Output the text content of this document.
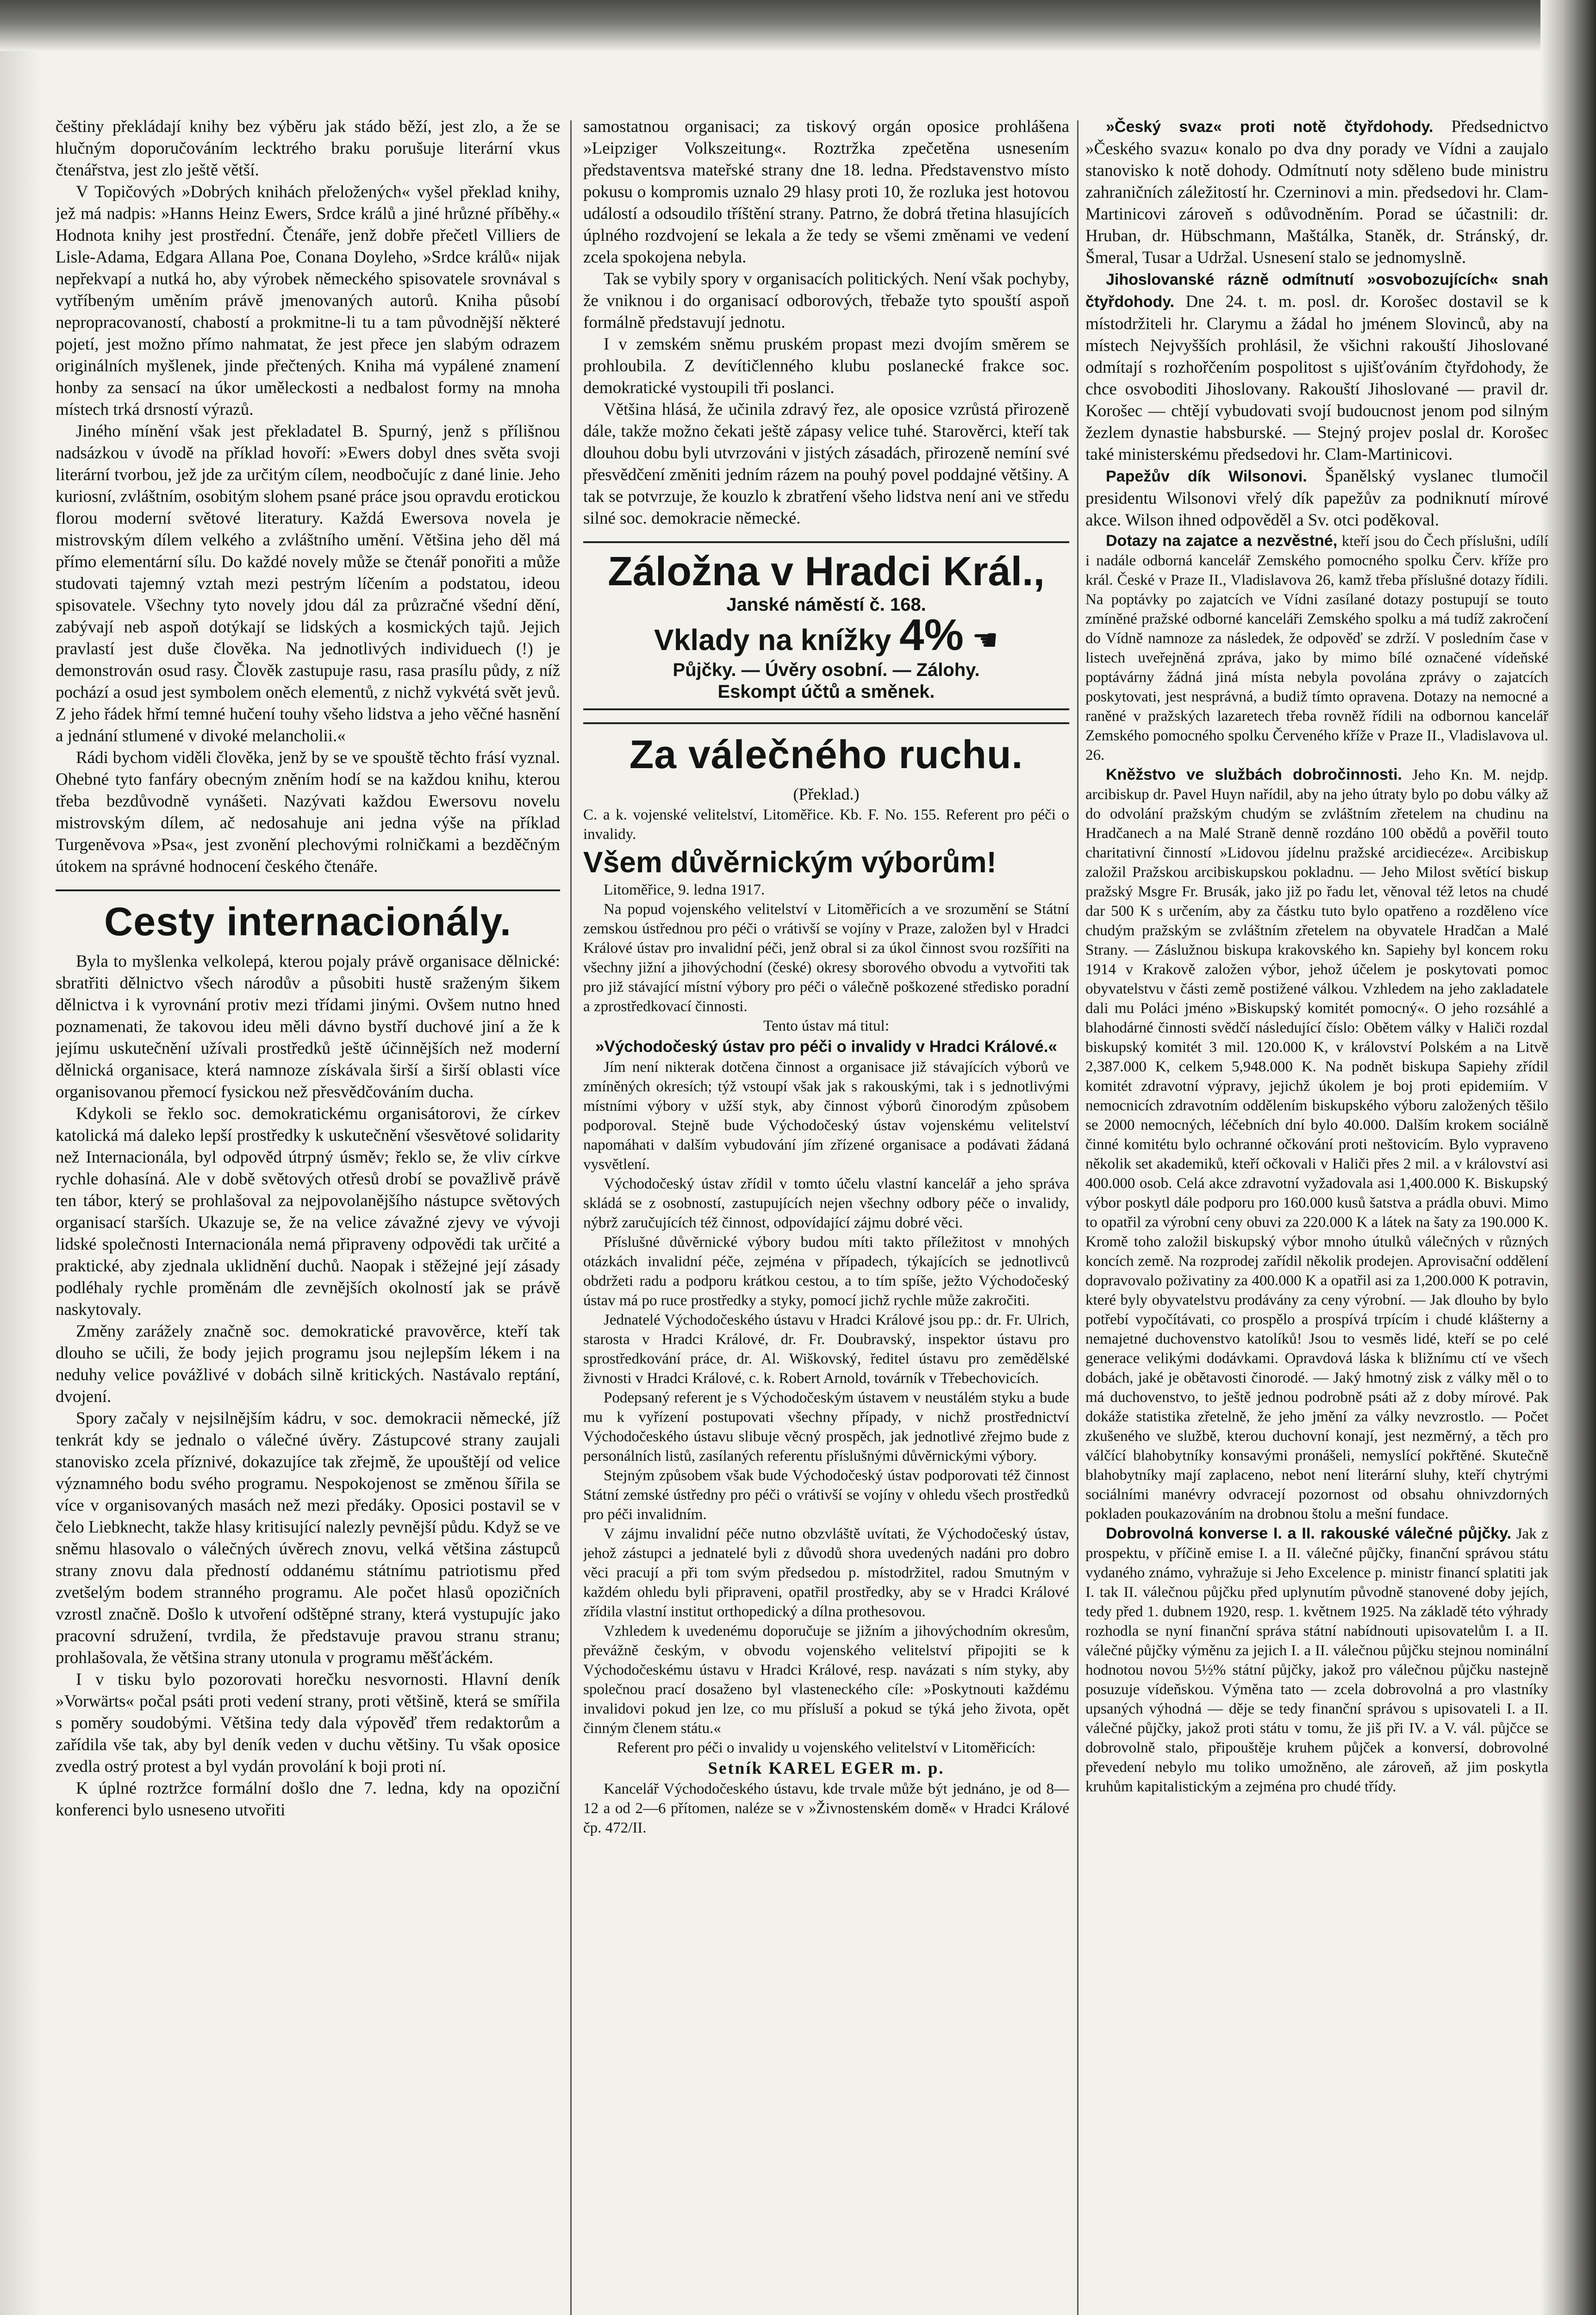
češtiny překládají knihy bez výběru jak stádo běží, jest zlo, a že se hlučným doporučováním lecktrého braku porušuje literární vkus čtenářstva, jest zlo ještě větší.

V Topičových »Dobrých knihách přeložených« vyšel překlad knihy, jež má nadpis: »Hanns Heinz Ewers, Srdce králů a jiné hrůzné příběhy.« Hodnota knihy jest prostřední. Čtenáře, jenž dobře přečetl Villiers de Lisle-Adama, Edgara Allana Poe, Conana Doyleho, »Srdce králů« nijak nepřekvapí a nutká ho, aby výrobek německého spisovatele srovnával s vytříbeným uměním právě jmenovaných autorů. Kniha působí nepropracovaností, chabostí a prokmitne-li tu a tam původnější některé pojetí, jest možno přímo nahmatat, že jest přece jen slabým odrazem originálních myšlenek, jinde přečtených. Kniha má vypálené znamení honby za sensací na úkor uměleckosti a nedbalost formy na mnoha místech trká drsností výrazů.

Jiného mínění však jest překladatel B. Spurný, jenž s přílišnou nadsázkou v úvodě na příklad hovoří: »Ewers dobyl dnes světa svoji literární tvorbou, jež jde za určitým cílem, neodbočujíc z dané linie. Jeho kuriosní, zvláštním, osobitým slohem psané práce jsou opravdu erotickou florou moderní světové literatury. Každá Ewersova novela je mistrovským dílem velkého a zvláštního umění. Většina jeho děl má přímo elementární sílu. Do každé novely může se čtenář ponořiti a může studovati tajemný vztah mezi pestrým líčením a podstatou, ideou spisovatele. Všechny tyto novely jdou dál za průzračné všední dění, zabývají neb aspoň dotýkají se lidských a kosmických tajů. Jejich pravlastí jest duše člověka. Na jednotlivých individuech (!) je demonstrován osud rasy. Člověk zastupuje rasu, rasa prasílu půdy, z níž pochází a osud jest symbolem oněch elementů, z nichž vykvétá svět jevů. Z jeho řádek hřmí temné hučení touhy všeho lidstva a jeho věčné hasnění a jednání stlumené v divoké melancholii.«

Rádi bychom viděli člověka, jenž by se ve spouště těchto frásí vyznal. Ohebné tyto fanfáry obecným zněním hodí se na každou knihu, kterou třeba bezdůvodně vynášeti. Nazývati každou Ewersovu novelu mistrovským dílem, ač nedosahuje ani jedna výše na příklad Turgeněvova »Psa«, jest zvonění plechovými rolničkami a bezděčným útokem na správné hodnocení českého čtenáře.

Cesty internacionály.

Byla to myšlenka velkolepá, kterou pojaly právě organisace dělnické: sbratřiti dělnictvo všech národův a působiti hustě sraženým šikem dělnictva i k vyrovnání protiv mezi třídami jinými. Ovšem nutno hned poznamenati, že takovou ideu měli dávno bystří duchové jiní a že k jejímu uskutečnění užívali prostředků ještě účinnějších než moderní dělnická organisace, která namnoze získávala širší a širší oblasti více organisovanou přemocí fysickou než přesvědčováním ducha.

Kdykoli se řeklo soc. demokratickému organisátorovi, že církev katolická má daleko lepší prostředky k uskutečnění všesvětové solidarity než Internacionála, byl odpověd útrpný úsměv; řeklo se, že vliv církve rychle dohasíná. Ale v době světových otřesů drobí se považlivě právě ten tábor, který se prohlašoval za nejpovolanějšího nástupce světových organisací starších. Ukazuje se, že na velice závažné zjevy ve vývoji lidské společnosti Internacionála nemá připraveny odpovědi tak určité a praktické, aby zjednala uklidnění duchů. Naopak i stěžejné její zásady podléhaly rychle proměnám dle zevnějších okolností jak se právě naskytovaly.

Změny zarážely značně soc. demokratické pravověrce, kteří tak dlouho se učili, že body jejich programu jsou nejlepším lékem i na neduhy velice povážlivé v dobách silně kritických. Nastávalo reptání, dvojení.

Spory začaly v nejsilnějším kádru, v soc. demokracii německé, jíž tenkrát kdy se jednalo o válečné úvěry. Zástupcové strany zaujali stanovisko zcela příznivé, dokazujíce tak zřejmě, že upouštějí od velice významného bodu svého programu. Nespokojenost se změnou šířila se více v organisovaných masách než mezi předáky. Oposici postavil se v čelo Liebknecht, takže hlasy kritisující nalezly pevnější půdu. Když se ve sněmu hlasovalo o válečných úvěrech znovu, velká většina zástupců strany znovu dala předností oddanému státnímu patriotismu před zvetšelým bodem stranného programu. Ale počet hlasů opozičních vzrostl značně. Došlo k utvoření odštěpné strany, která vystupujíc jako pracovní sdružení, tvrdila, že představuje pravou stranu stranu; prohlašovala, že většina strany utonula v programu měšťáckém.

I v tisku bylo pozorovati horečku nesvornosti. Hlavní deník »Vorwärts« počal psáti proti vedení strany, proti většině, která se smířila s poměry soudobými. Většina tedy dala výpověď třem redaktorům a zařídila vše tak, aby byl deník veden v duchu většiny. Tu však oposice zvedla ostrý protest a byl vydán provolání k boji proti ní.

K úplné roztržce formální došlo dne 7. ledna, kdy na opoziční konferenci bylo usneseno utvořiti

samostatnou organisaci; za tiskový orgán oposice prohlášena »Leipziger Volkszeitung«. Roztržka zpečetěna usnesením představentsva mateřské strany dne 18. ledna. Představenstvo místo pokusu o kompromis uznalo 29 hlasy proti 10, že rozluka jest hotovou událostí a odsoudilo tříštění strany. Patrno, že dobrá třetina hlasujících úplného rozdvojení se lekala a že tedy se všemi změnami ve vedení zcela spokojena nebyla.

Tak se vybily spory v organisacích politických. Není však pochyby, že vniknou i do organisací odborových, třebaže tyto spouští aspoň formálně představují jednotu.

I v zemském sněmu pruském propast mezi dvojím směrem se prohloubila. Z devítičlenného klubu poslanecké frakce soc. demokratické vystoupili tři poslanci.

Většina hlásá, že učinila zdravý řez, ale oposice vzrůstá přirozeně dále, takže možno čekati ještě zápasy velice tuhé. Starověrci, kteří tak dlouhou dobu byli utvrzováni v jistých zásadách, přirozeně nemíní své přesvědčení změniti jedním rázem na pouhý povel poddajné většiny. A tak se potvrzuje, že kouzlo k zbratření všeho lidstva není ani ve středu silné soc. demokracie německé.

Záložna v Hradci Král.,
Janské náměstí č. 168.
Vklady na knížky 4% ☚
Půjčky. — Úvěry osobní. — Zálohy.
Eskompt účtů a směnek.
Za válečného ruchu.
(Překlad.)

C. a k. vojenské velitelství, Litoměřice. Kb. F. No. 155. Referent pro péči o invalidy.

Všem důvěrnickým výborům!

Litoměřice, 9. ledna 1917.

Na popud vojenského velitelství v Litoměřicích a ve srozumění se Státní zemskou ústřednou pro péči o vrátivší se vojíny v Praze, založen byl v Hradci Králové ústav pro invalidní péči, jenž obral si za úkol činnost svou rozšířiti na všechny jižní a jihovýchodní (české) okresy sborového obvodu a vytvořiti tak pro již stávající místní výbory pro péči o válečně poškozené středisko poradní a zprostředkovací činnosti.

Tento ústav má titul:

»Východočeský ústav pro péči o invalidy v Hradci Králové.«

Jím není nikterak dotčena činnost a organisace již stávajících výborů ve zmíněných okresích; týž vstoupí však jak s rakouskými, tak i s jednotlivými místními výbory v užší styk, aby činnost výborů činorodým způsobem podporoval. Stejně bude Východočeský ústav vojenskému velitelství napomáhati v dalším vybudování jím zřízené organisace a podávati žádaná vysvětlení.

Východočeský ústav zřídil v tomto účelu vlastní kancelář a jeho správa skládá se z osobností, zastupujících nejen všechny odbory péče o invalidy, nýbrž zaručujících též činnost, odpovídající zájmu dobré věci.

Příslušné důvěrnické výbory budou míti takto příležitost v mnohých otázkách invalidní péče, zejména v případech, týkajících se jednotlivců obdržeti radu a podporu krátkou cestou, a to tím spíše, ježto Východočeský ústav má po ruce prostředky a styky, pomocí jichž rychle může zakročiti.

Jednatelé Východočeského ústavu v Hradci Králové jsou pp.: dr. Fr. Ulrich, starosta v Hradci Králové, dr. Fr. Doubravský, inspektor ústavu pro sprostředkování práce, dr. Al. Wiškovský, ředitel ústavu pro zemědělské živnosti v Hradci Králové, c. k. Robert Arnold, továrník v Třebechovicích.

Podepsaný referent je s Východočeským ústavem v neustálém styku a bude mu k vyřízení postupovati všechny případy, v nichž prostřednictví Východočeského ústavu slibuje věcný prospěch, jak jednotlivé zřejmo bude z personálních listů, zasílaných referentu příslušnými důvěrnickými výbory.

Stejným způsobem však bude Východočeský ústav podporovati též činnost Státní zemské ústředny pro péči o vrátivší se vojíny v ohledu všech prostředků pro péči invalidním.

V zájmu invalidní péče nutno obzvláště uvítati, že Východočeský ústav, jehož zástupci a jednatelé byli z důvodů shora uvedených nadáni pro dobro věci pracují a při tom svým předsedou p. místodržitel, radou Smutným v každém ohledu byli připraveni, opatřil prostředky, aby se v Hradci Králové zřídila vlastní institut orthopedický a dílna prothesovou.

Vzhledem k uvedenému doporučuje se jižním a jihovýchodním okresům, převážně českým, v obvodu vojenského velitelství připojiti se k Východočeskému ústavu v Hradci Králové, resp. navázati s ním styky, aby společnou prací dosaženo byl vlasteneckého cíle: »Poskytnouti každému invalidovi pokud jen lze, co mu přísluší a pokud se týká jeho života, opět činným členem státu.«

Referent pro péči o invalidy u vojenského velitelství v Litoměřicích:

Setník KAREL EGER m. p.

Kancelář Východočeského ústavu, kde trvale může být jednáno, je od 8—12 a od 2—6 přítomen, naléze se v »Živnostenském domě« v Hradci Králové čp. 472/II.

»Český svaz« proti notě čtyřdohody. Předsednictvo »Českého svazu« konalo po dva dny porady ve Vídni a zaujalo stanovisko k notě dohody. Odmítnutí noty sděleno bude ministru zahraničních záležitostí hr. Czerninovi a min. předsedovi hr. Clam-Martinicovi zároveň s odůvodněním. Porad se účastnili: dr. Hruban, dr. Hübschmann, Maštálka, Staněk, dr. Stránský, dr. Šmeral, Tusar a Udržal. Usnesení stalo se jednomyslně.

Jihoslovanské rázně odmítnutí »osvobozujících« snah čtyřdohody. Dne 24. t. m. posl. dr. Korošec dostavil se k místodržiteli hr. Clarymu a žádal ho jménem Slovinců, aby na místech Nejvyšších prohlásil, že všichni rakouští Jihoslované odmítají s rozhořčením pospolitost s ujišťováním čtyřdohody, že chce osvoboditi Jihoslovany. Rakouští Jihoslované — pravil dr. Korošec — chtějí vybudovati svojí budoucnost jenom pod silným žezlem dynastie habsburské. — Stejný projev poslal dr. Korošec také ministerskému předsedovi hr. Clam-Martinicovi.

Papežův dík Wilsonovi. Španělský vyslanec tlumočil presidentu Wilsonovi vřelý dík papežův za podniknutí mírové akce. Wilson ihned odpověděl a Sv. otci poděkoval.

Dotazy na zajatce a nezvěstné, kteří jsou do Čech příslušni, udílí i nadále odborná kancelář Zemského pomocného spolku Červ. kříže pro král. České v Praze II., Vladislavova 26, kamž třeba příslušné dotazy řídili. Na poptávky po zajatcích ve Vídni zasílané dotazy postupují se touto zmíněné pražské odborné kanceláři Zemského spolku a má tudíž zakročení do Vídně namnoze za následek, že odpověď se zdrží. V posledním čase v listech uveřejněná zpráva, jako by mimo bílé označené vídeňské poptávárny žádná jiná místa nebyla povolána zprávy o zajatcích poskytovati, jest nesprávná, a budiž tímto opravena. Dotazy na nemocné a raněné v pražských lazaretech třeba rovněž řídili na odbornou kancelář Zemského pomocného spolku Červeného kříže v Praze II., Vladislavova ul. 26.

Kněžstvo ve službách dobročinnosti. Jeho Kn. M. nejdp. arcibiskup dr. Pavel Huyn nařídil, aby na jeho útraty bylo po dobu války až do odvolání pražským chudým se zvláštním zřetelem na chudinu na Hradčanech a na Malé Straně denně rozdáno 100 obědů a pověřil touto charitativní činností »Lidovou jídelnu pražské arcidiecéze«. Arcibiskup založil Pražskou arcibiskupskou pokladnu. — Jeho Milost světící biskup pražský Msgre Fr. Brusák, jako již po řadu let, věnoval též letos na chudé dar 500 K s určením, aby za částku tuto bylo opatřeno a rozděleno více chudým pražským se zvláštním zřetelem na obyvatele Hradčan a Malé Strany. — Záslužnou biskupa krakovského kn. Sapiehy byl koncem roku 1914 v Krakově založen výbor, jehož účelem je poskytovati pomoc obyvatelstvu v části země postižené válkou. Vzhledem na jeho zakladatele dali mu Poláci jméno »Biskupský komitét pomocný«. O jeho rozsáhlé a blahodárné činnosti svědčí následující číslo: Obětem války v Haliči rozdal biskupský komitét 3 mil. 120.000 K, v království Polském a na Litvě 2,387.000 K, celkem 5,948.000 K. Na podnět biskupa Sapiehy zřídil komitét zdravotní výpravy, jejichž úkolem je boj proti epidemiím. V nemocnicích zdravotním oddělením biskupského výboru založených těšilo se 2000 nemocných, léčebních dní bylo 40.000. Dalším krokem sociálně činné komitétu bylo ochranné očkování proti neštovicím. Bylo vypraveno několik set akademiků, kteří očkovali v Haliči přes 2 mil. a v království asi 400.000 osob. Celá akce zdravotní vyžadovala asi 1,400.000 K. Biskupský výbor poskytl dále podporu pro 160.000 kusů šatstva a prádla obuvi. Mimo to opatřil za výrobní ceny obuvi za 220.000 K a látek na šaty za 190.000 K. Kromě toho založil biskupský výbor mnoho útulků válečných v různých koncích země. Na rozprodej zařídil několik prodejen. Aprovisační oddělení dopravovalo poživatiny za 400.000 K a opatřil asi za 1,200.000 K potravin, které byly obyvatelstvu prodávány za ceny výrobní. — Jak dlouho by bylo potřebí vypočítávati, co prospělo a prospívá trpícím i chudé klášterny a nemajetné duchovenstvo katolíků! Jsou to vesměs lidé, kteří se po celé generace velikými dodávkami. Opravdová láska k bližnímu ctí ve všech dobách, jaké je obětavosti činorodé. — Jaký hmotný zisk z války měl o to má duchovenstvo, to ještě jednou podrobně psáti až z doby mírové. Pak dokáže statistika zřetelně, že jeho jmění za války nevzrostlo. — Počet zkušeného ve službě, kterou duchovní konají, jest nezměrný, a těch pro válčící blahobytníky konsavými pronášeli, nemyslící pokřtěné. Skutečně blahobytníky mají zaplaceno, nebot není literární sluhy, kteří chytrými sociálními manévry odvracejí pozornost od obsahu ohnivzdorných pokladen poukazováním na drobnou štolu a mešní fundace.

Dobrovolná konverse I. a II. rakouské válečné půjčky. Jak z prospektu, v příčině emise I. a II. válečné půjčky, finanční správou státu vydaného známo, vyhražuje si Jeho Excelence p. ministr financí splatiti jak I. tak II. válečnou půjčku před uplynutím původně stanovené doby jejích, tedy před 1. dubnem 1920, resp. 1. květnem 1925. Na základě této výhrady rozhodla se nyní finanční správa státní nabídnouti upisovatelům I. a II. válečné půjčky výměnu za jejich I. a II. válečnou půjčku stejnou nominální hodnotou novou 5½% státní půjčky, jakož pro válečnou půjčku nastejně posuzuje vídeňskou. Výměna tato — zcela dobrovolná a pro vlastníky upsaných výhodná — děje se tedy finanční správou s upisovateli I. a II. válečné půjčky, jakož proti státu v tomu, že jiš při IV. a V. vál. půjčce se dobrovolně stalo, připouštěje kruhem půjček a konversí, dobrovolné převedení nebylo mu toliko umožněno, ale zároveň, až jim poskytla kruhům kapitalistickým a zejména pro chudé třídy.
